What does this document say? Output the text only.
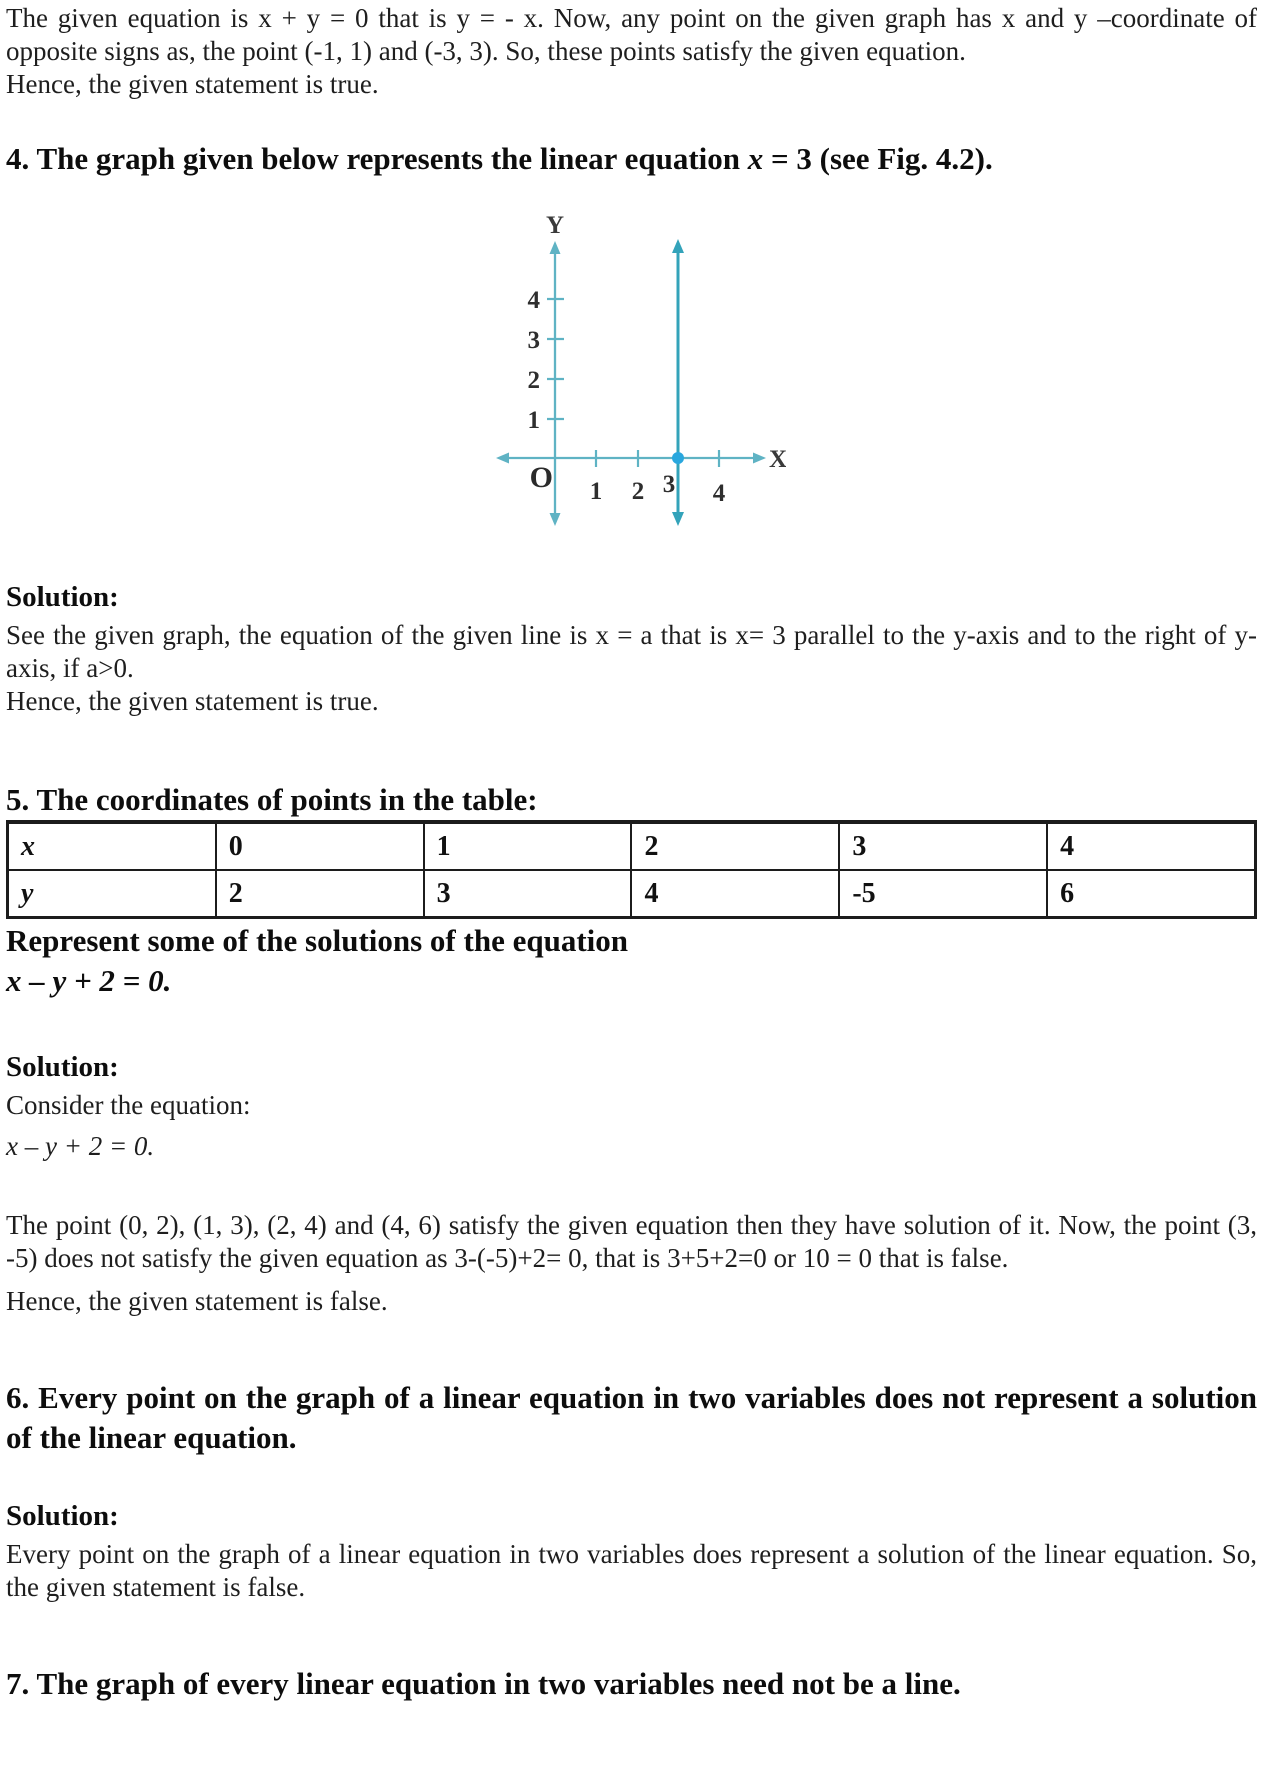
The given equation is x + y = 0 that is y = - x. Now, any point on the given graph has x and y –coordinate of opposite signs as, the point (-1, 1) and (-3, 3). So, these points satisfy the given equation.

Hence, the given statement is true.

4. The graph given below represents the linear equation x = 3 (see Fig. 4.2).
Y
X
O
4
3
2
1
1 2 3 4
Solution:

See the given graph, the equation of the given line is x = a that is x= 3 parallel to the y-axis and to the right of y-axis, if a>0.

Hence, the given statement is true.

5. The coordinates of points in the table:
x	0	1	2	3	4
y	2	3	4	-5	6
Represent some of the solutions of the equation
x – y + 2 = 0.
Solution:

Consider the equation:

x – y + 2 = 0.

The point (0, 2), (1, 3), (2, 4) and (4, 6) satisfy the given equation then they have solution of it. Now, the point (3, -5) does not satisfy the given equation as 3-(-5)+2= 0, that is 3+5+2=0 or 10 = 0 that is false.

Hence, the given statement is false.

6. Every point on the graph of a linear equation in two variables does not represent a solution of the linear equation.
Solution:

Every point on the graph of a linear equation in two variables does represent a solution of the linear equation. So, the given statement is false.

7. The graph of every linear equation in two variables need not be a line.
